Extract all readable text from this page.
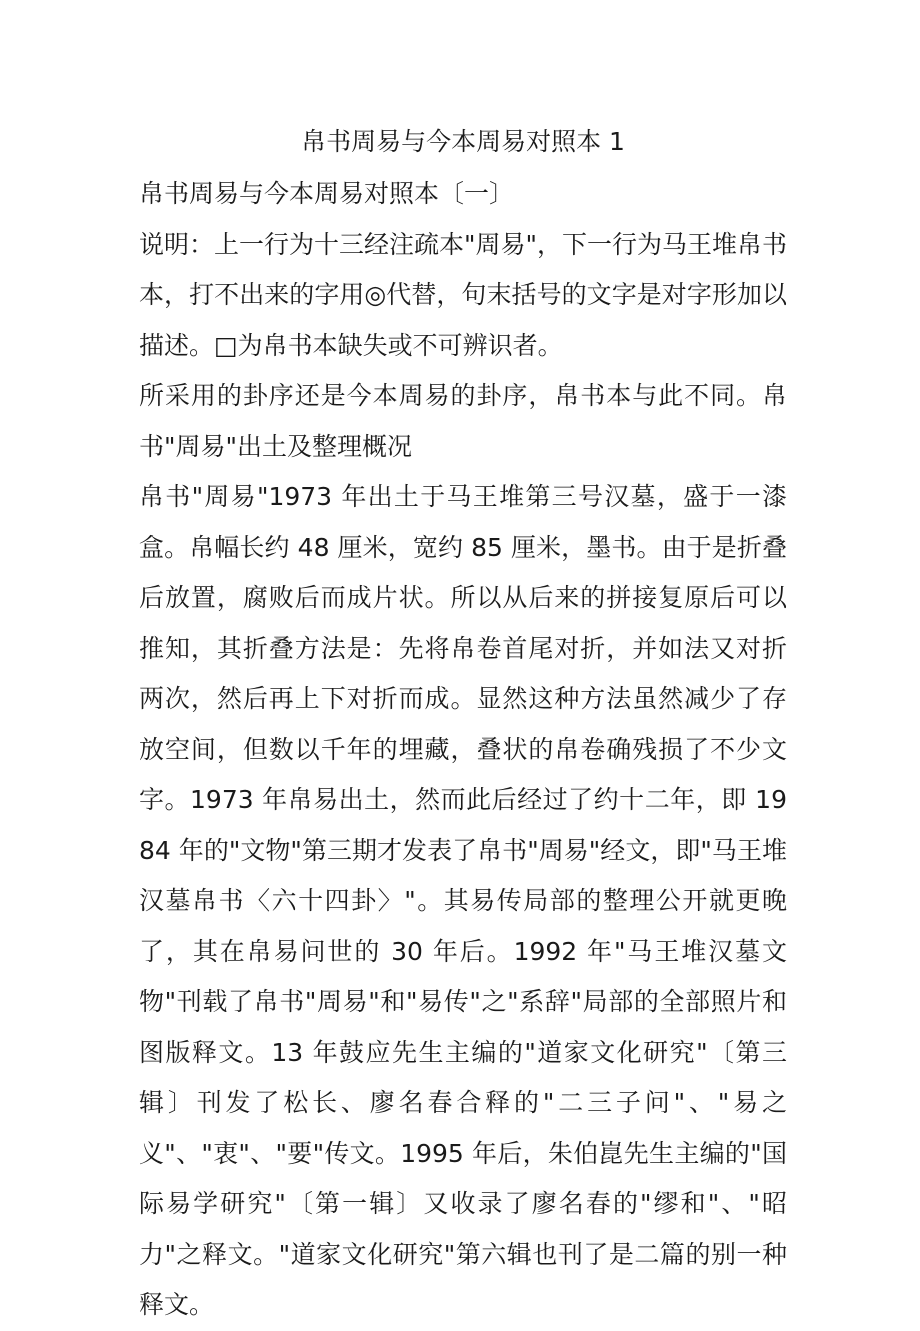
帛书周易与今本周易对照本 1

帛书周易与今本周易对照本〔一〕

说明：上一行为十三经注疏本"周易"，下一行为马王堆帛书本，打不出来的字用◎代替，句末括号的文字是对字形加以描述。□为帛书本缺失或不可辨识者。

所采用的卦序还是今本周易的卦序，帛书本与此不同。帛书"周易"出土及整理概况

帛书"周易"1973 年出土于马王堆第三号汉墓，盛于一漆盒。帛幅长约 48 厘米，宽约 85 厘米，墨书。由于是折叠后放置，腐败后而成片状。所以从后来的拼接复原后可以推知，其折叠方法是：先将帛卷首尾对折，并如法又对折两次，然后再上下对折而成。显然这种方法虽然减少了存放空间，但数以千年的埋藏，叠状的帛卷确残损了不少文字。1973 年帛易出土，然而此后经过了约十二年，即 1984 年的"文物"第三期才发表了帛书"周易"经文，即"马王堆汉墓帛书〈六十四卦〉"。其易传局部的整理公开就更晚了，其在帛易问世的 30 年后。1992 年"马王堆汉墓文物"刊载了帛书"周易"和"易传"之"系辞"局部的全部照片和图版释文。13 年鼓应先生主编的"道家文化研究"〔第三辑〕刊发了松长、廖名春合释的"二三子问"、"易之义"、"衷"、"要"传文。1995 年后，朱伯崑先生主编的"国际易学研究"〔第一辑〕又收录了廖名春的"缪和"、"昭力"之释文。"道家文化研究"第六辑也刊了是二篇的别一种释文。
